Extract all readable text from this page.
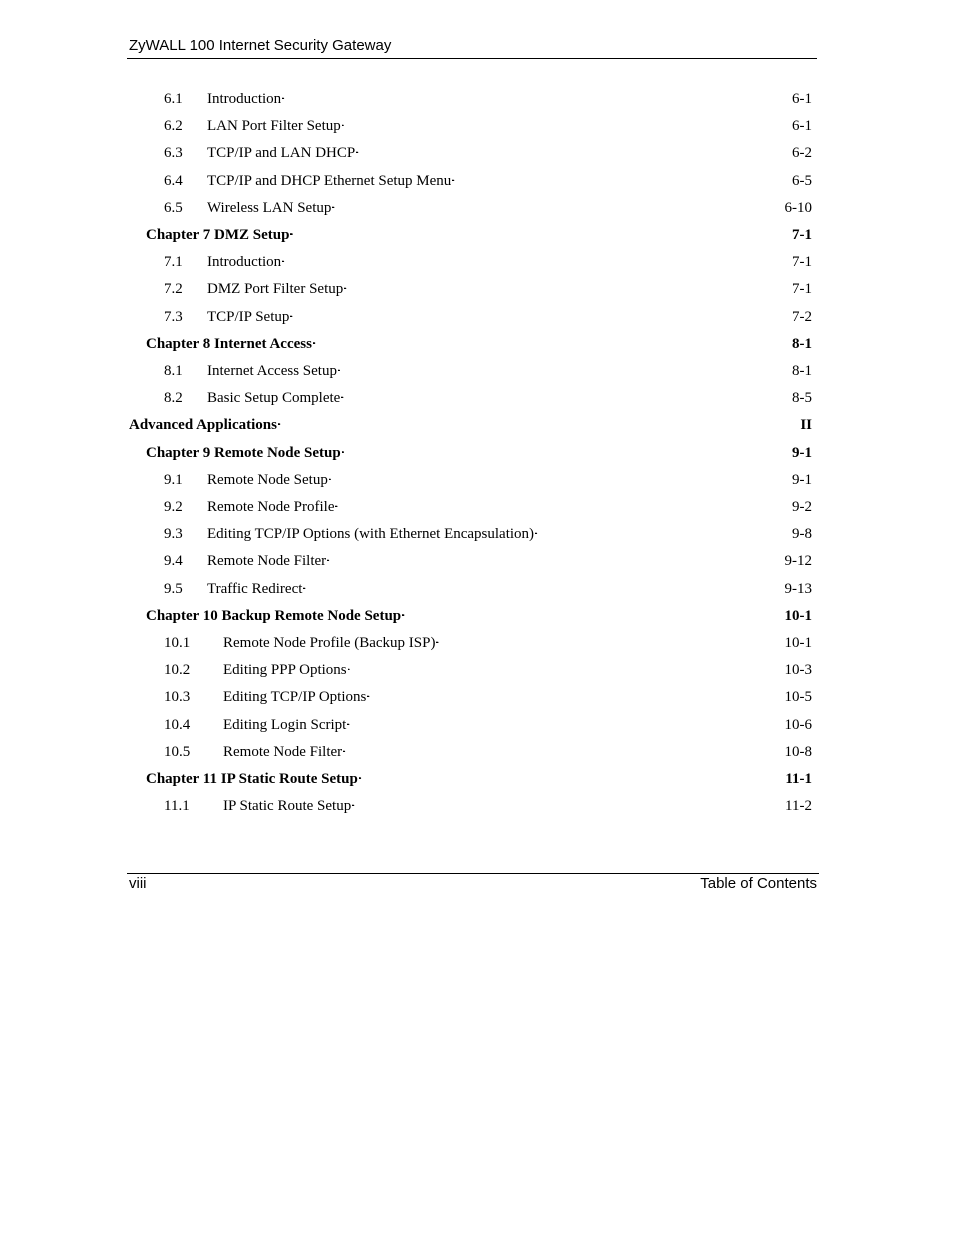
ZyWALL 100 Internet Security Gateway
6.1	Introduction . . .	6-1
6.2	LAN Port Filter Setup . . .	6-1
6.3	TCP/IP and LAN DHCP . . .	6-2
6.4	TCP/IP and DHCP Ethernet Setup Menu . . .	6-5
6.5	Wireless LAN Setup . . .	6-10
Chapter 7 DMZ Setup . . .	7-1
7.1	Introduction . . .	7-1
7.2	DMZ Port Filter Setup . . .	7-1
7.3	TCP/IP Setup . . .	7-2
Chapter 8 Internet Access . . .	8-1
8.1	Internet Access Setup . . .	8-1
8.2	Basic Setup Complete . . .	8-5
Advanced Applications . . .	II
Chapter 9 Remote Node Setup . . .	9-1
9.1	Remote Node Setup . . .	9-1
9.2	Remote Node Profile . . .	9-2
9.3	Editing TCP/IP Options (with Ethernet Encapsulation) . . .	9-8
9.4	Remote Node Filter . . .	9-12
9.5	Traffic Redirect . . .	9-13
Chapter 10 Backup Remote Node Setup . . .	10-1
10.1	Remote Node Profile (Backup ISP) . . .	10-1
10.2	Editing PPP Options . . .	10-3
10.3	Editing TCP/IP Options . . .	10-5
10.4	Editing Login Script . . .	10-6
10.5	Remote Node Filter . . .	10-8
Chapter 11 IP Static Route Setup . . .	11-1
11.1	IP Static Route Setup . . .	11-2
viii	Table of Contents
